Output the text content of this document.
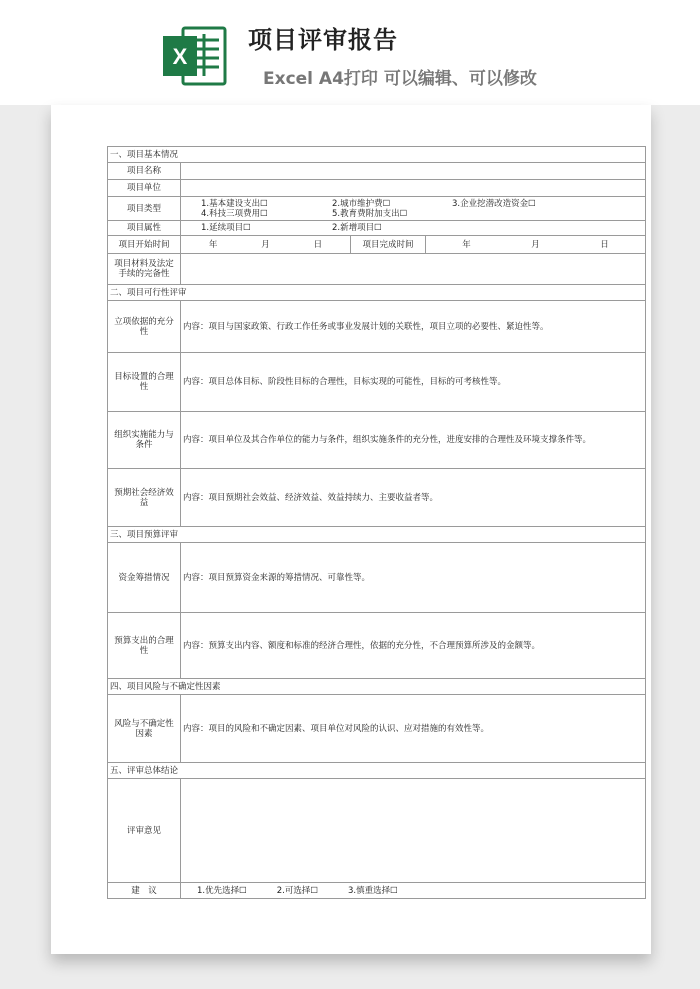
X
项目评审报告
Excel A4打印 可以编辑、可以修改
一、项目基本情况			
项目名称			
项目单位			
项目类型	1.基本建设支出☐ 2.城市维护费☐ 3.企业挖潜改造资金☐
4.科技三项费用☐ 5.教育费附加支出☐		

项目属性	1.延续项目☐ 2.新增项目☐		

项目开始时间	年 月 日	项目完成时间	年 月 日

项目材料及法定手续的完备性			
二、项目可行性评审			
立项依据的充分性	内容：项目与国家政策、行政工作任务或事业发展计划的关联性，项目立项的必要性、紧迫性等。		
目标设置的合理性	内容：项目总体目标、阶段性目标的合理性，目标实现的可能性，目标的可考核性等。		
组织实施能力与条件	内容：项目单位及其合作单位的能力与条件，组织实施条件的充分性，进度安排的合理性及环境支撑条件等。		
预期社会经济效益	内容：项目预期社会效益、经济效益、效益持续力、主要收益者等。		
三、项目预算评审			
资金筹措情况	内容：项目预算资金来源的筹措情况、可靠性等。		
预算支出的合理性	内容：预算支出内容、额度和标准的经济合理性，依据的充分性，不合理预算所涉及的金额等。		
四、项目风险与不确定性因素			
风险与不确定性因素	内容：项目的风险和不确定因素、项目单位对风险的认识、应对措施的有效性等。		
五、评审总体结论			
评审意见			
建　议	1.优先选择☐ 2.可选择☐ 3.慎重选择☐		
